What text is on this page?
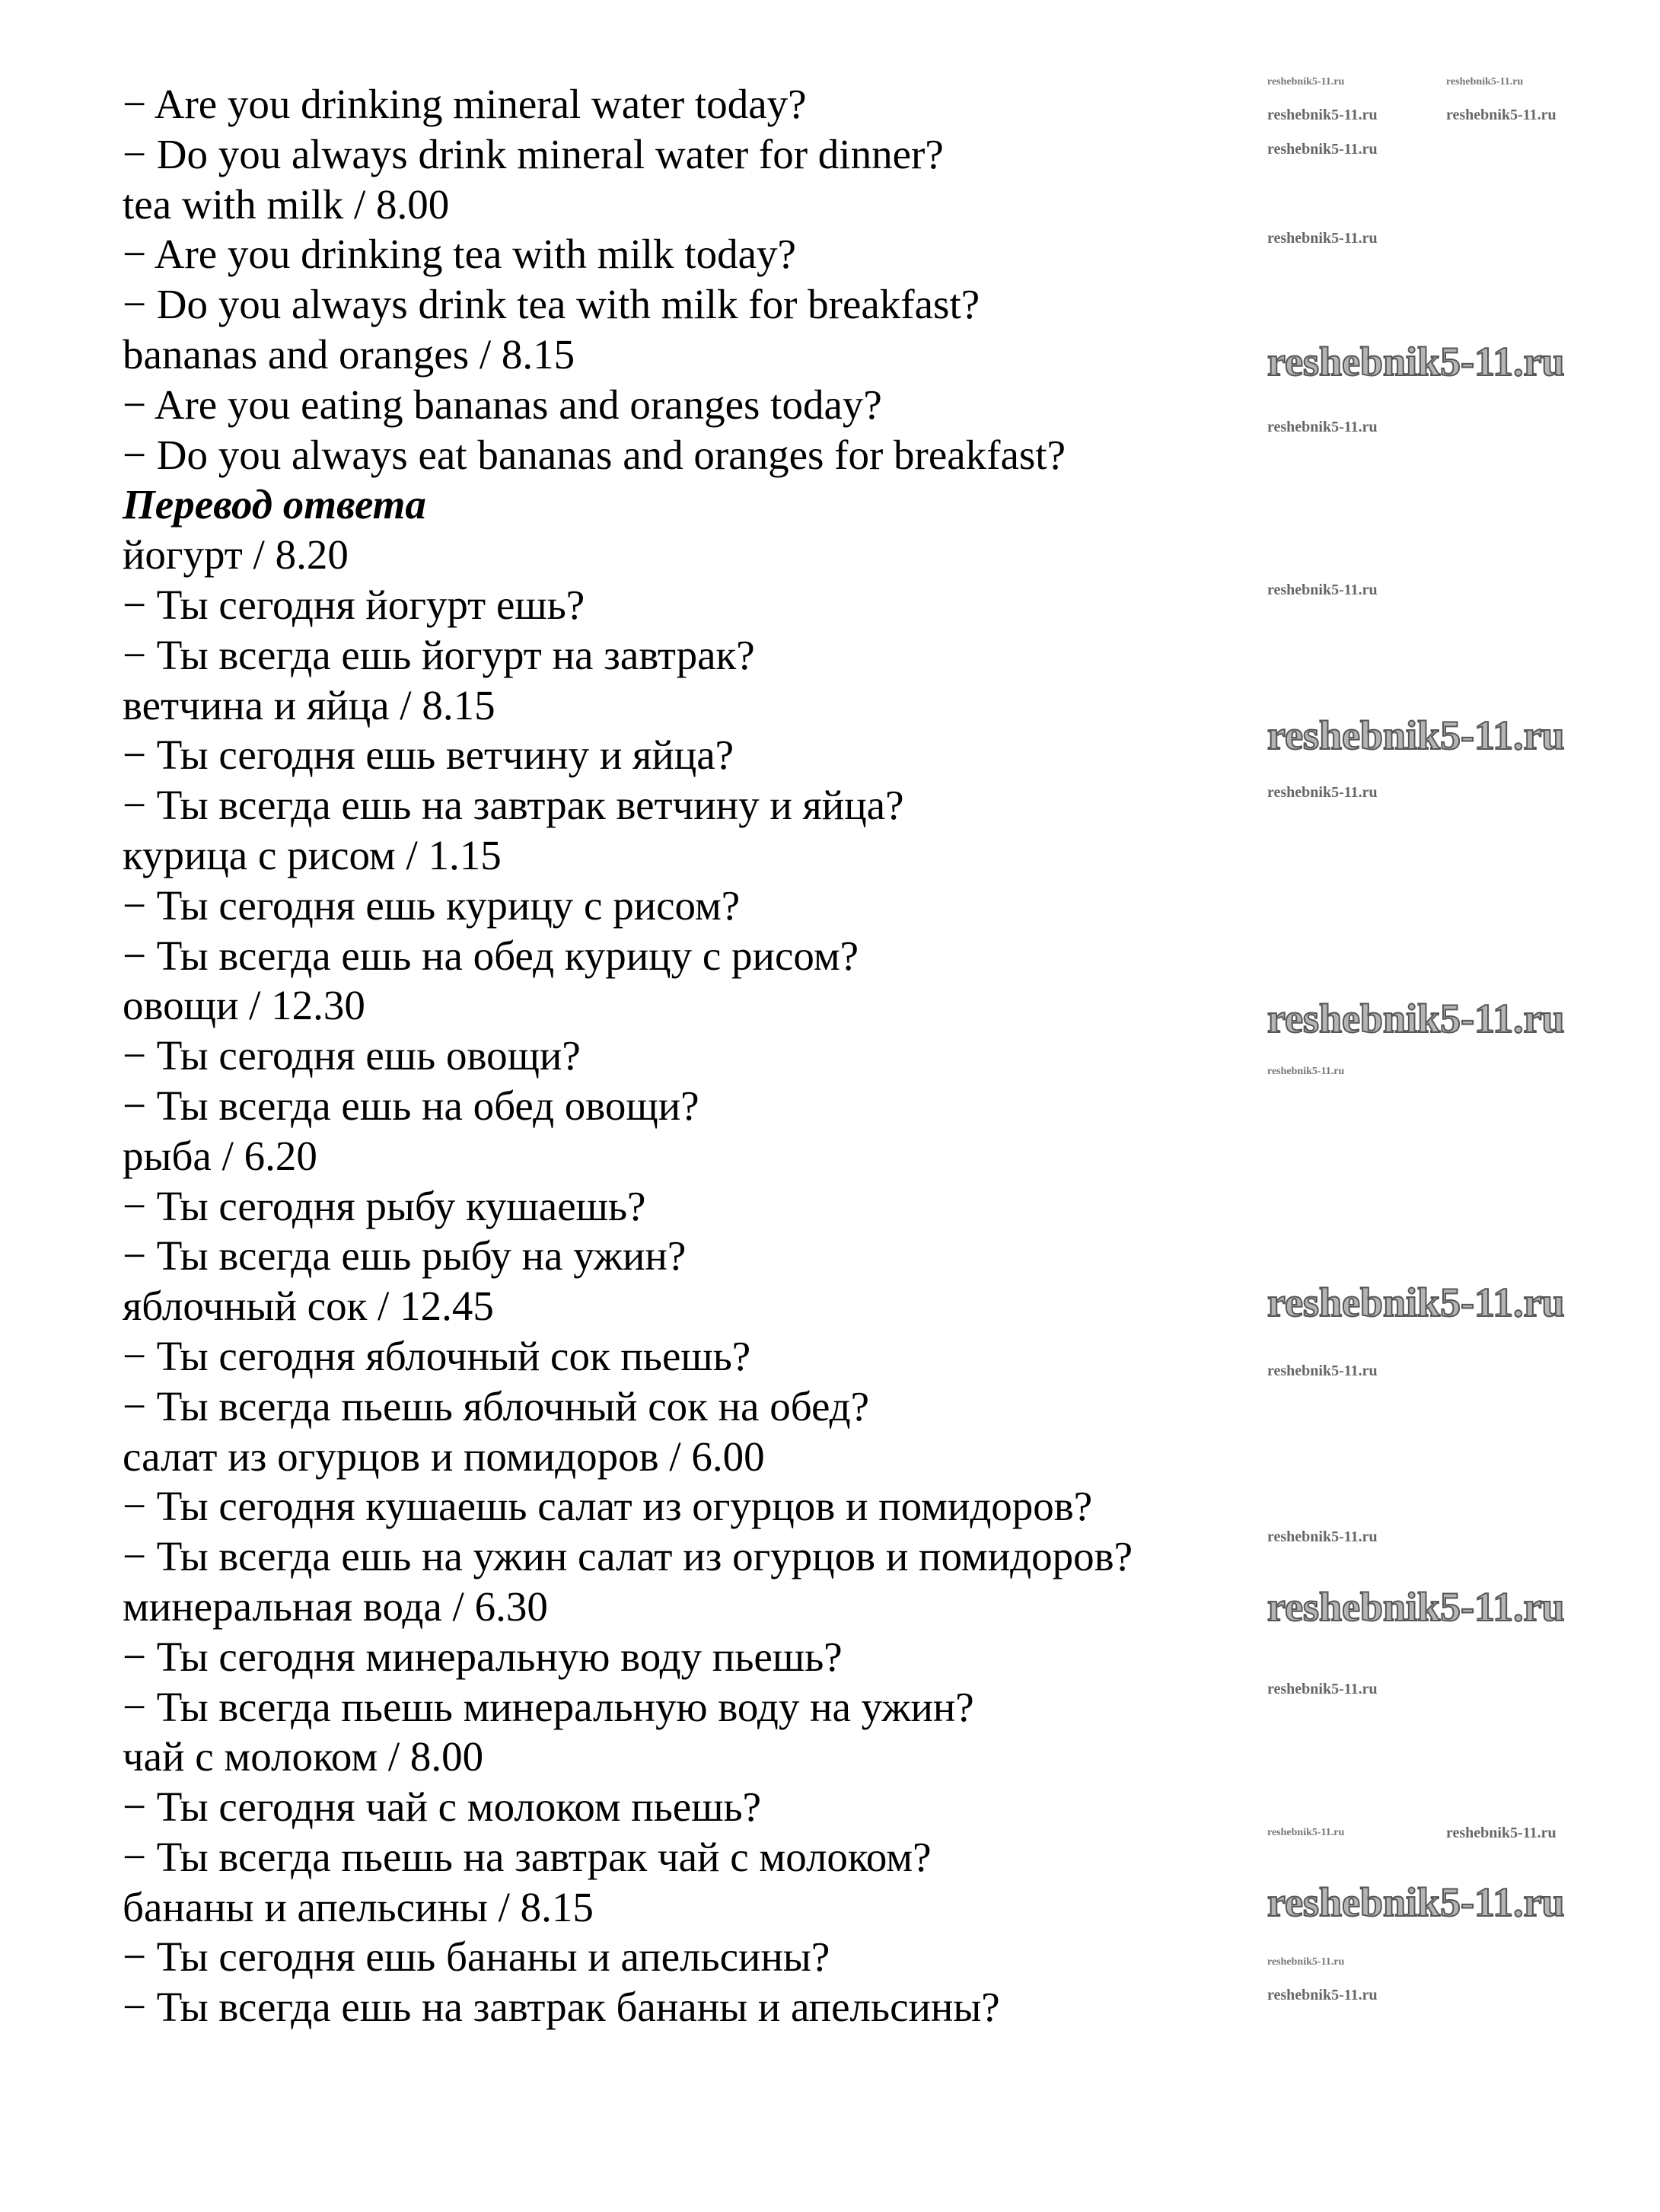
− Are you drinking mineral water today?
− Do you always drink mineral water for dinner?
tea with milk / 8.00
− Are you drinking tea with milk today?
− Do you always drink tea with milk for breakfast?
bananas and oranges / 8.15
− Are you eating bananas and oranges today?
− Do you always eat bananas and oranges for breakfast?
Перевод ответа
йогурт / 8.20
− Ты сегодня йогурт ешь?
− Ты всегда ешь йогурт на завтрак?
ветчина и яйца / 8.15
− Ты сегодня ешь ветчину и яйца?
− Ты всегда ешь на завтрак ветчину и яйца?
курица с рисом / 1.15
− Ты сегодня ешь курицу с рисом?
− Ты всегда ешь на обед курицу с рисом?
овощи / 12.30
− Ты сегодня ешь овощи?
− Ты всегда ешь на обед овощи?
рыба / 6.20
− Ты сегодня рыбу кушаешь?
− Ты всегда ешь рыбу на ужин?
яблочный сок / 12.45
− Ты сегодня яблочный сок пьешь?
− Ты всегда пьешь яблочный сок на обед?
салат из огурцов и помидоров / 6.00
− Ты сегодня кушаешь салат из огурцов и помидоров?
− Ты всегда ешь на ужин салат из огурцов и помидоров?
минеральная вода / 6.30
− Ты сегодня минеральную воду пьешь?
− Ты всегда пьешь минеральную воду на ужин?
чай с молоком / 8.00
− Ты сегодня чай с молоком пьешь?
− Ты всегда пьешь на завтрак чай с молоком?
бананы и апельсины / 8.15
− Ты сегодня ешь бананы и апельсины?
− Ты всегда ешь на завтрак бананы и апельсины?
reshebnik5-11.ru
reshebnik5-11.ru
reshebnik5-11.ru
reshebnik5-11.ru
reshebnik5-11.ru
reshebnik5-11.ru
reshebnik5-11.ru	reshebnik5-11.ru
reshebnik5-11.ru	reshebnik5-11.ru
reshebnik5-11.ru
reshebnik5-11.ru
reshebnik5-11.ru
reshebnik5-11.ru
reshebnik5-11.ru
reshebnik5-11.ru
reshebnik5-11.ru
reshebnik5-11.ru
reshebnik5-11.ru
reshebnik5-11.ru	reshebnik5-11.ru
reshebnik5-11.ru
reshebnik5-11.ru
